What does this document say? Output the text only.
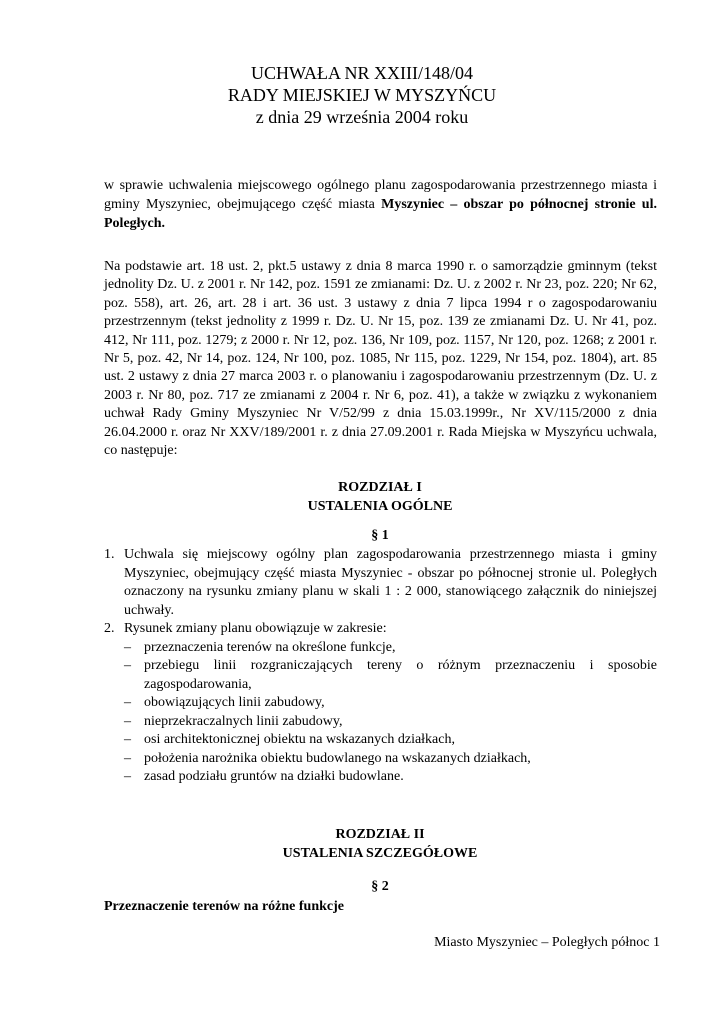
UCHWAŁA NR XXIII/148/04
RADY MIEJSKIEJ W MYSZYŃCU
z dnia 29 września 2004 roku
w sprawie uchwalenia miejscowego ogólnego planu zagospodarowania przestrzennego miasta i gminy Myszyniec, obejmującego część miasta Myszyniec – obszar po północnej stronie ul. Poległych.
Na podstawie art. 18 ust. 2, pkt.5 ustawy z dnia 8 marca 1990 r. o samorządzie gminnym (tekst jednolity Dz. U. z 2001 r. Nr 142, poz. 1591 ze zmianami: Dz. U. z 2002 r. Nr 23, poz. 220; Nr 62, poz. 558), art. 26, art. 28 i art. 36 ust. 3 ustawy z dnia 7 lipca 1994 r o zagospodarowaniu przestrzennym (tekst jednolity z 1999 r. Dz. U. Nr 15, poz. 139 ze zmianami Dz. U. Nr 41, poz. 412, Nr 111, poz. 1279; z 2000 r. Nr 12, poz. 136, Nr 109, poz. 1157, Nr 120, poz. 1268; z 2001 r. Nr 5, poz. 42, Nr 14, poz. 124, Nr 100, poz. 1085, Nr 115, poz. 1229, Nr 154, poz. 1804), art. 85 ust. 2 ustawy z dnia 27 marca 2003 r. o planowaniu i zagospodarowaniu przestrzennym (Dz. U. z 2003 r. Nr 80, poz. 717 ze zmianami z 2004 r. Nr 6, poz. 41), a także w związku z wykonaniem uchwał Rady Gminy Myszyniec Nr V/52/99 z dnia 15.03.1999r., Nr XV/115/2000 z dnia 26.04.2000 r. oraz Nr XXV/189/2001 r. z dnia 27.09.2001 r. Rada Miejska w Myszyńcu uchwala, co następuje:
ROZDZIAŁ I
USTALENIA OGÓLNE
§ 1
1. Uchwala się miejscowy ogólny plan zagospodarowania przestrzennego miasta i gminy Myszyniec, obejmujący część miasta Myszyniec - obszar po północnej stronie ul. Poległych oznaczony na rysunku zmiany planu w skali 1 : 2 000, stanowiącego załącznik do niniejszej uchwały.
2. Rysunek zmiany planu obowiązuje w zakresie:
– przeznaczenia terenów na określone funkcje,
– przebiegu linii rozgraniczających tereny o różnym przeznaczeniu i sposobie zagospodarowania,
– obowiązujących linii zabudowy,
– nieprzekraczalnych linii zabudowy,
– osi architektonicznej obiektu na wskazanych działkach,
– położenia narożnika obiektu budowlanego na wskazanych działkach,
– zasad podziału gruntów na działki budowlane.
ROZDZIAŁ II
USTALENIA SZCZEGÓŁOWE
§ 2
Przeznaczenie terenów na różne funkcje
Miasto Myszyniec – Poległych północ 1
